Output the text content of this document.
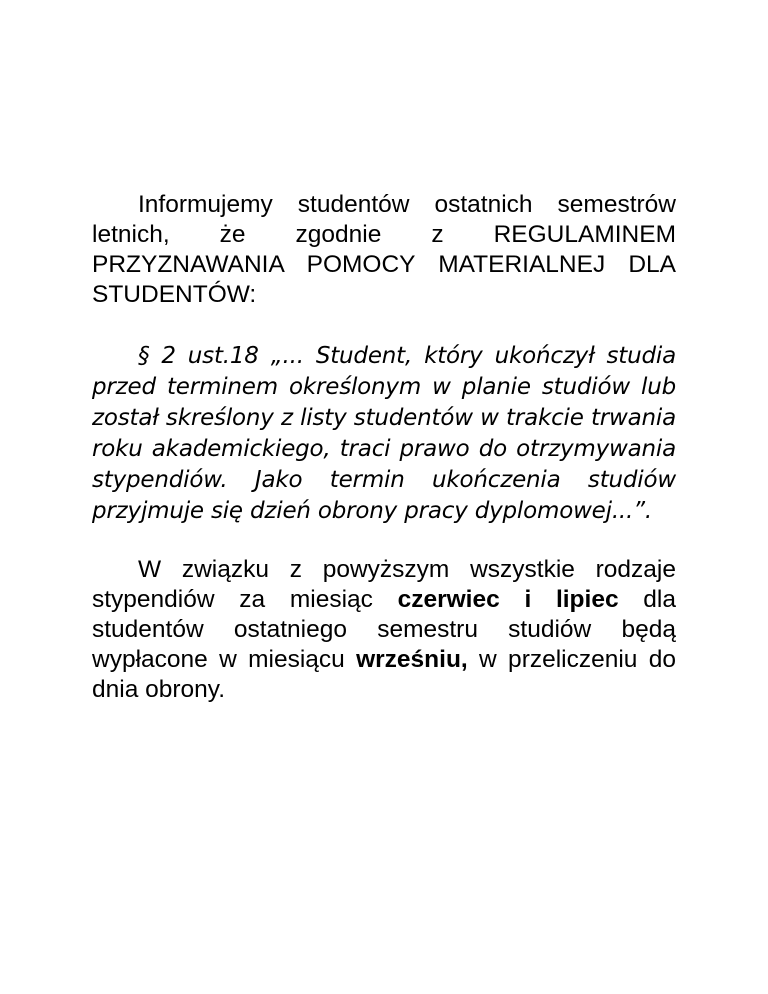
Informujemy studentów ostatnich semestrów letnich, że zgodnie z REGULAMINEM PRZYZNAWANIA POMOCY MATERIALNEJ DLA STUDENTÓW:

§ 2 ust.18 „... Student, który ukończył studia przed terminem określonym w planie studiów lub został skreślony z listy studentów w trakcie trwania roku akademickiego, traci prawo do otrzymywania stypendiów. Jako termin ukończenia studiów przyjmuje się dzień obrony pracy dyplomowej...”.

W związku z powyższym wszystkie rodzaje stypendiów za miesiąc czerwiec i lipiec dla studentów ostatniego semestru studiów będą wypłacone w miesiącu wrześniu, w przeliczeniu do dnia obrony.
